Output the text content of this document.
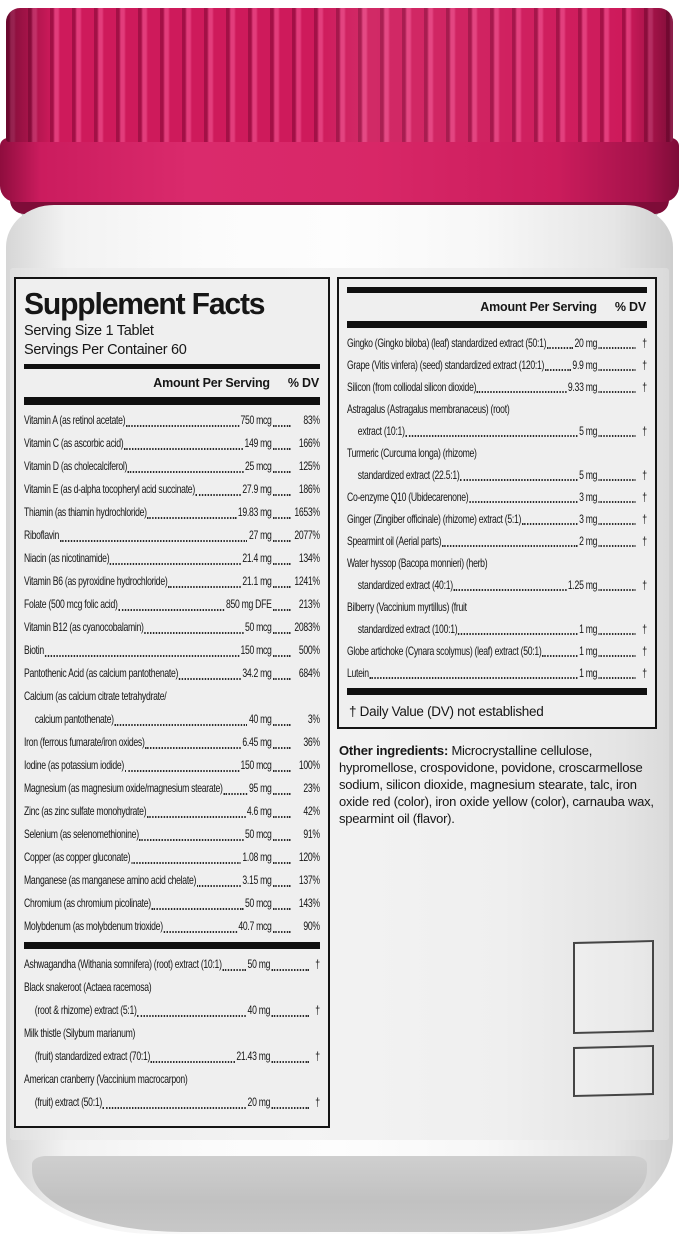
Supplement Facts
Serving Size 1 Tablet
Servings Per Container 60
Amount Per Serving % DV
Vitamin A (as retinol acetate)	750 mcg	83%
Vitamin C (as ascorbic acid)	149 mg	166%
Vitamin D (as cholecalciferol)	25 mcg	125%
Vitamin E (as d-alpha tocopheryl acid succinate)	27.9 mg	186%
Thiamin (as thiamin hydrochloride)	19.83 mg 1653%
Riboflavin	27 mg 2077%
Niacin (as nicotinamide)	21.4 mg	134%
Vitamin B6 (as pyroxidine hydrochloride)	21.1 mg 1241%
Folate (500 mcg folic acid)	850 mg DFE	213%
Vitamin B12 (as cyanocobalamin)	50 mcg 2083%
Biotin	150 mcg	500%
Pantothenic Acid (as calcium pantothenate)	34.2 mg	684%
Calcium (as calcium citrate tetrahydrate/
calcium pantothenate)	40 mg	3%
Iron (ferrous fumarate/iron oxides)	6.45 mg	36%
Iodine (as potassium iodide)	150 mcg	100%
Magnesium (as magnesium oxide/magnesium stearate) 95 mg	23%
Zinc (as zinc sulfate monohydrate)	4.6 mg	42%
Selenium (as selenomethionine)	50 mcg	91%
Copper (as copper gluconate)	1.08 mg	120%
Manganese (as manganese amino acid chelate)	3.15 mg	137%
Chromium (as chromium picolinate)	50 mcg	143%
Molybdenum (as molybdenum trioxide)	40.7 mcg	90%
Ashwagandha (Withania somnifera) (root) extract (10:1) 50 mg	†
Black snakeroot (Actaea racemosa)
(root & rhizome) extract (5:1)	40 mg	†
Milk thistle (Silybum marianum)
(fruit) standardized extract (70:1)	21.43 mg	†
American cranberry (Vaccinium macrocarpon)
(fruit) extract (50:1)	20 mg	†
Amount Per Serving % DV
Gingko (Gingko biloba) (leaf) standardized extract (50:1) 20 mg	†
Grape (Vitis vinfera) (seed) standardized extract (120:1) 9.9 mg	†
Silicon (from colliodal silicon dioxide)	9.33 mg	†
Astragalus (Astragalus membranaceus) (root)
extract (10:1)	5 mg	†
Turmeric (Curcuma longa) (rhizome)
standardized extract (22.5:1)	5 mg	†
Co-enzyme Q10 (Ubidecarenone)	3 mg	†
Ginger (Zingiber officinale) (rhizome) extract (5:1)	3 mg	†
Spearmint oil (Aerial parts)	2 mg	†
Water hyssop (Bacopa monnieri) (herb)
standardized extract (40:1)	1.25 mg	†
Bilberry (Vaccinium myrtillus) (fruit
standardized extract (100:1)	1 mg	†
Globe artichoke (Cynara scolymus) (leaf) extract (50:1)	1 mg	†
Lutein	1 mg	†
† Daily Value (DV) not established
Other ingredients: Microcrystalline cellulose, hypromellose, crospovidone, povidone, croscarmellose sodium, silicon dioxide, magnesium stearate, talc, iron oxide red (color), iron oxide yellow (color), carnauba wax, spearmint oil (flavor).
